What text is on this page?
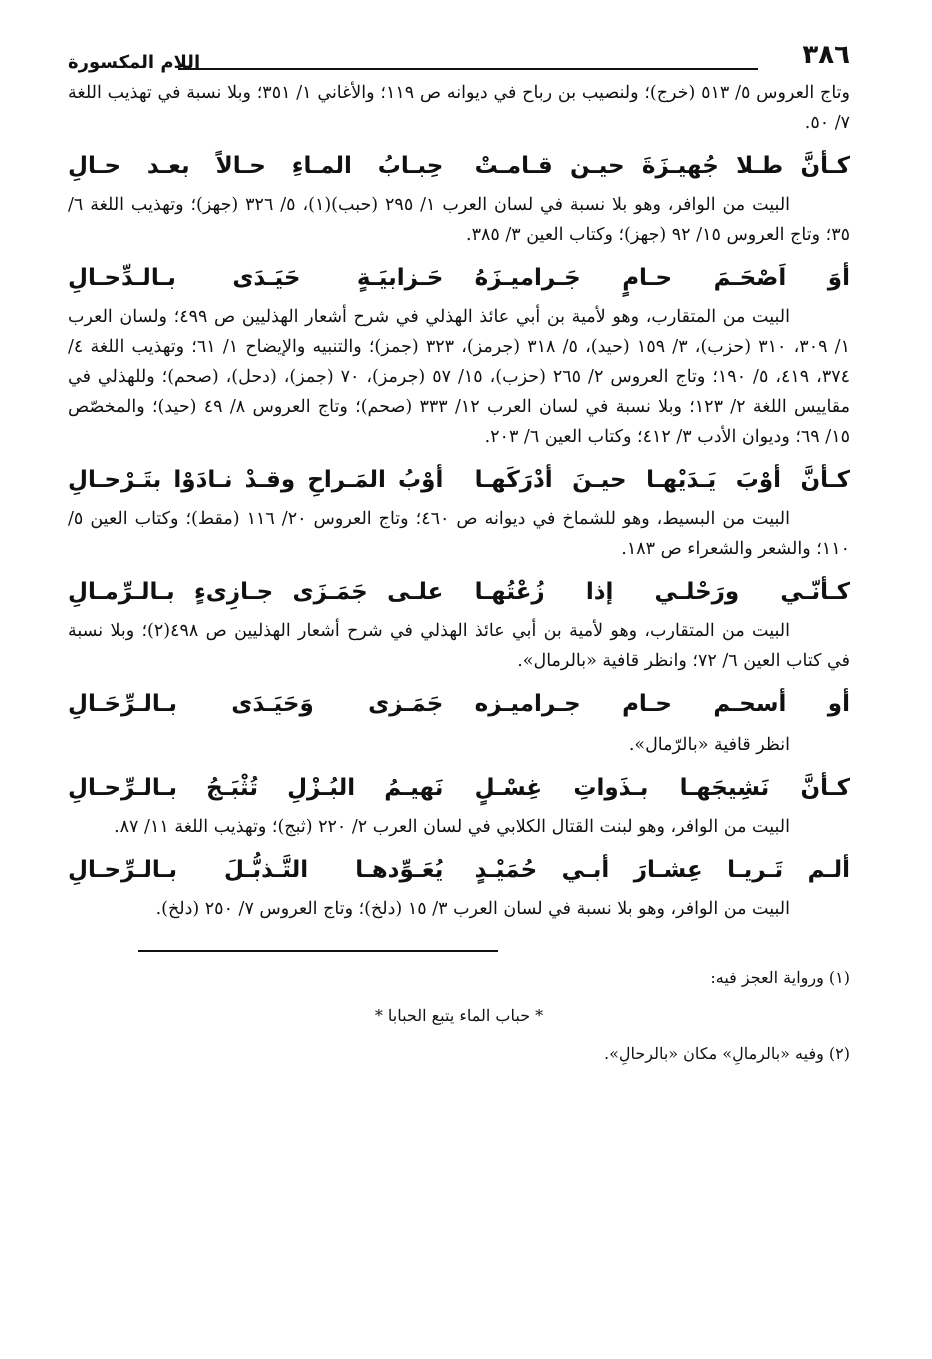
٣٨٦
اللام المكسورة

وتاج العروس ٥/ ٥١٣ (خرج)؛ ولنصيب بن رباح في ديوانه ص ١١٩؛ والأغاني ١/ ٣٥١؛ وبلا نسبة في تهذيب اللغة ٧/ ٥٠.

كـأنَّ طـلا جُهيـزَةَ حيـن قـامـتْ
حِبـابُ المـاءِ حـالاً بعـد حـالِ

البيت من الوافر، وهو بلا نسبة في لسان العرب ١/ ٢٩٥ (حبب)(١)، ٥/ ٣٢٦ (جهز)؛ وتهذيب اللغة ٦/ ٣٥؛ وتاج العروس ١٥/ ٩٢ (جهز)؛ وكتاب العين ٣/ ٣٨٥.

أوَ اَصْحَـمَ حـامٍ جَـراميـزَهُ
حَـزابيَـةٍ حَيَـدَى بـالـدِّحـالِ

البيت من المتقارب، وهو لأمية بن أبي عائذ الهذلي في شرح أشعار الهذليين ص ٤٩٩؛ ولسان العرب ١/ ٣٠٩، ٣١٠ (حزب)، ٣/ ١٥٩ (حيد)، ٥/ ٣١٨ (جرمز)، ٣٢٣ (جمز)؛ والتنبيه والإيضاح ١/ ٦١؛ وتهذيب اللغة ٤/ ٣٧٤، ٤١٩، ٥/ ١٩٠؛ وتاج العروس ٢/ ٢٦٥ (حزب)، ١٥/ ٥٧ (جرمز)، ٧٠ (جمز)، (دحل)، (صحم)؛ وللهذلي في مقاييس اللغة ٢/ ١٢٣؛ وبلا نسبة في لسان العرب ١٢/ ٣٣٣ (صحم)؛ وتاج العروس ٨/ ٤٩ (حيد)؛ والمخصّص ١٥/ ٦٩؛ وديوان الأدب ٣/ ٤١٢؛ وكتاب العين ٦/ ٢٠٣.

كـأنَّ أوْبَ يَـدَيْهـا حيـنَ أدْرَكَهـا
أوْبُ المَـراحِ وقـدْ نـادَوْا بتَـرْحـالِ

البيت من البسيط، وهو للشماخ في ديوانه ص ٤٦٠؛ وتاج العروس ٢٠/ ١١٦ (مقط)؛ وكتاب العين ٥/ ١١٠؛ والشعر والشعراء ص ١٨٣.

كـأنّـي ورَحْلـي إذا زُعْتُهـا
علـى جَمَـزَى جـازِىءٍ بـالـرِّمـالِ

البيت من المتقارب، وهو لأمية بن أبي عائذ الهذلي في شرح أشعار الهذليين ص ٤٩٨(٢)؛ وبلا نسبة في كتاب العين ٦/ ٧٢؛ وانظر قافية «بالرمال».

أو أسحـم حـام جـراميـزه
جَمَـزى وَحَيَـدَى بـالـرِّحَـالِ
انظر قافية «بالرّمال».
كـأنَّ نَشِيجَهـا بـذَواتِ غِسْـلٍ
نَهيـمُ البُـزْلِ تُثْبَـجُ بـالـرِّحـالِ

البيت من الوافر، وهو لبنت القتال الكلابي في لسان العرب ٢/ ٢٢٠ (ثبج)؛ وتهذيب اللغة ١١/ ٨٧.

ألـم تَـريـا عِشـارَ أبـي حُمَيْـدٍ
يُعَـوِّدهـا التَّـذبُّـلَ بـالـرِّحـالِ

البيت من الوافر، وهو بلا نسبة في لسان العرب ٣/ ١٥ (دلخ)؛ وتاج العروس ٧/ ٢٥٠ (دلخ).

(١) ورواية العجز فيه:
* حباب الماء يتبع الحبابا *
(٢) وفيه «بالرمالِ» مكان «بالرحالِ».
